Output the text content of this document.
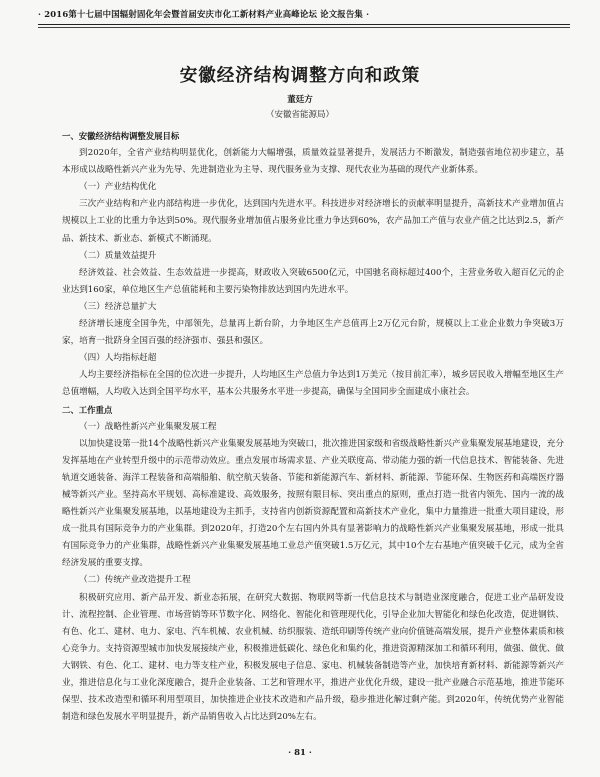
· 2016第十七届中国辐射固化年会暨首届安庆市化工新材料产业高峰论坛 论文报告集 ·
安徽经济结构调整方向和政策
董廷方
（安徽省能源局）

一、安徽经济结构调整发展目标

到2020年，全省产业结构明显优化，创新能力大幅增强，质量效益显著提升，发展活力不断激发，制造强省地位初步建立，基本形成以战略性新兴产业为先导、先进制造业为主导、现代服务业为支撑、现代农业为基础的现代产业新体系。

（一）产业结构优化

三次产业结构和产业内部结构进一步优化，达到国内先进水平。科技进步对经济增长的贡献率明显提升，高新技术产业增加值占规模以上工业的比重力争达到50%。现代服务业增加值占服务业比重力争达到60%，农产品加工产值与农业产值之比达到2.5，新产品、新技术、新业态、新模式不断涌现。

（二）质量效益提升

经济效益、社会效益、生态效益进一步提高，财政收入突破6500亿元，中国驰名商标超过400个，主营业务收入超百亿元的企业达到160家，单位地区生产总值能耗和主要污染物排放达到国内先进水平。

（三）经济总量扩大

经济增长速度全国争先，中部领先，总量再上新台阶，力争地区生产总值再上2万亿元台阶，规模以上工业企业数力争突破3万家，培育一批跻身全国百强的经济强市、强县和强区。

（四）人均指标赶超

人均主要经济指标在全国的位次进一步提升，人均地区生产总值力争达到1万美元（按目前汇率），城乡居民收入增幅至地区生产总值增幅，人均收入达到全国平均水平，基本公共服务水平进一步提高，确保与全国同步全面建成小康社会。

二、工作重点

（一）战略性新兴产业集聚发展工程

以加快建设第一批14个战略性新兴产业集聚发展基地为突破口，批次推进国家级和省级战略性新兴产业集聚发展基地建设，充分发挥基地在产业转型升级中的示范带动效应。重点发展市场需求显、产业关联度高、带动能力强的新一代信息技术、智能装备、先进轨道交通装备、海洋工程装备和高端船舶、航空航天装备、节能和新能源汽车、新材料、新能源、节能环保、生物医药和高端医疗器械等新兴产业。坚持高水平规划、高标准建设、高效服务，按照有限目标、突出重点的原则，重点打造一批省内领先、国内一流的战略性新兴产业集聚发展基地，以基地建设为主抓手，支持省内创新资源配置和高新技术产业化，集中力量推进一批重大项目建设，形成一批具有国际竞争力的产业集群。到2020年，打造20个左右国内外具有显著影响力的战略性新兴产业集聚发展基地，形成一批具有国际竞争力的产业集群，战略性新兴产业集聚发展基地工业总产值突破1.5万亿元，其中10个左右基地产值突破千亿元，成为全省经济发展的重要支撑。

（二）传统产业改造提升工程

积极研究应用、新产品开发、新业态拓展，在研究大数据、物联网等新一代信息技术与制造业深度融合，促进工业产品研发设计、流程控制、企业管理、市场营销等环节数字化、网络化、智能化和管理现代化，引导企业加大智能化和绿色化改造，促进钢铁、有色、化工、建材、电力、家电、汽车机械、农业机械、纺织服装、造纸印刷等传统产业向价值链高端发展，提升产业整体素质和核心竞争力。支持资源型城市加快发展接续产业，积极推进低碳化、绿色化和集约化，推进资源精深加工和循环利用，做强、做优、做大钢铁、有色、化工、建材、电力等支柱产业，积极发展电子信息、家电、机械装备制造等产业，加快培育新材料、新能源等新兴产业，推进信息化与工业化深度融合，提升企业装备、工艺和管理水平，推进产业优化升级，建设一批产业融合示范基地，推进节能环保型、技术改造型和循环利用型项目，加快推进企业技术改造和产品升级，稳步推进化解过剩产能。到2020年，传统优势产业智能制造和绿色发展水平明显提升，新产品销售收入占比达到20%左右。

· 81 ·
